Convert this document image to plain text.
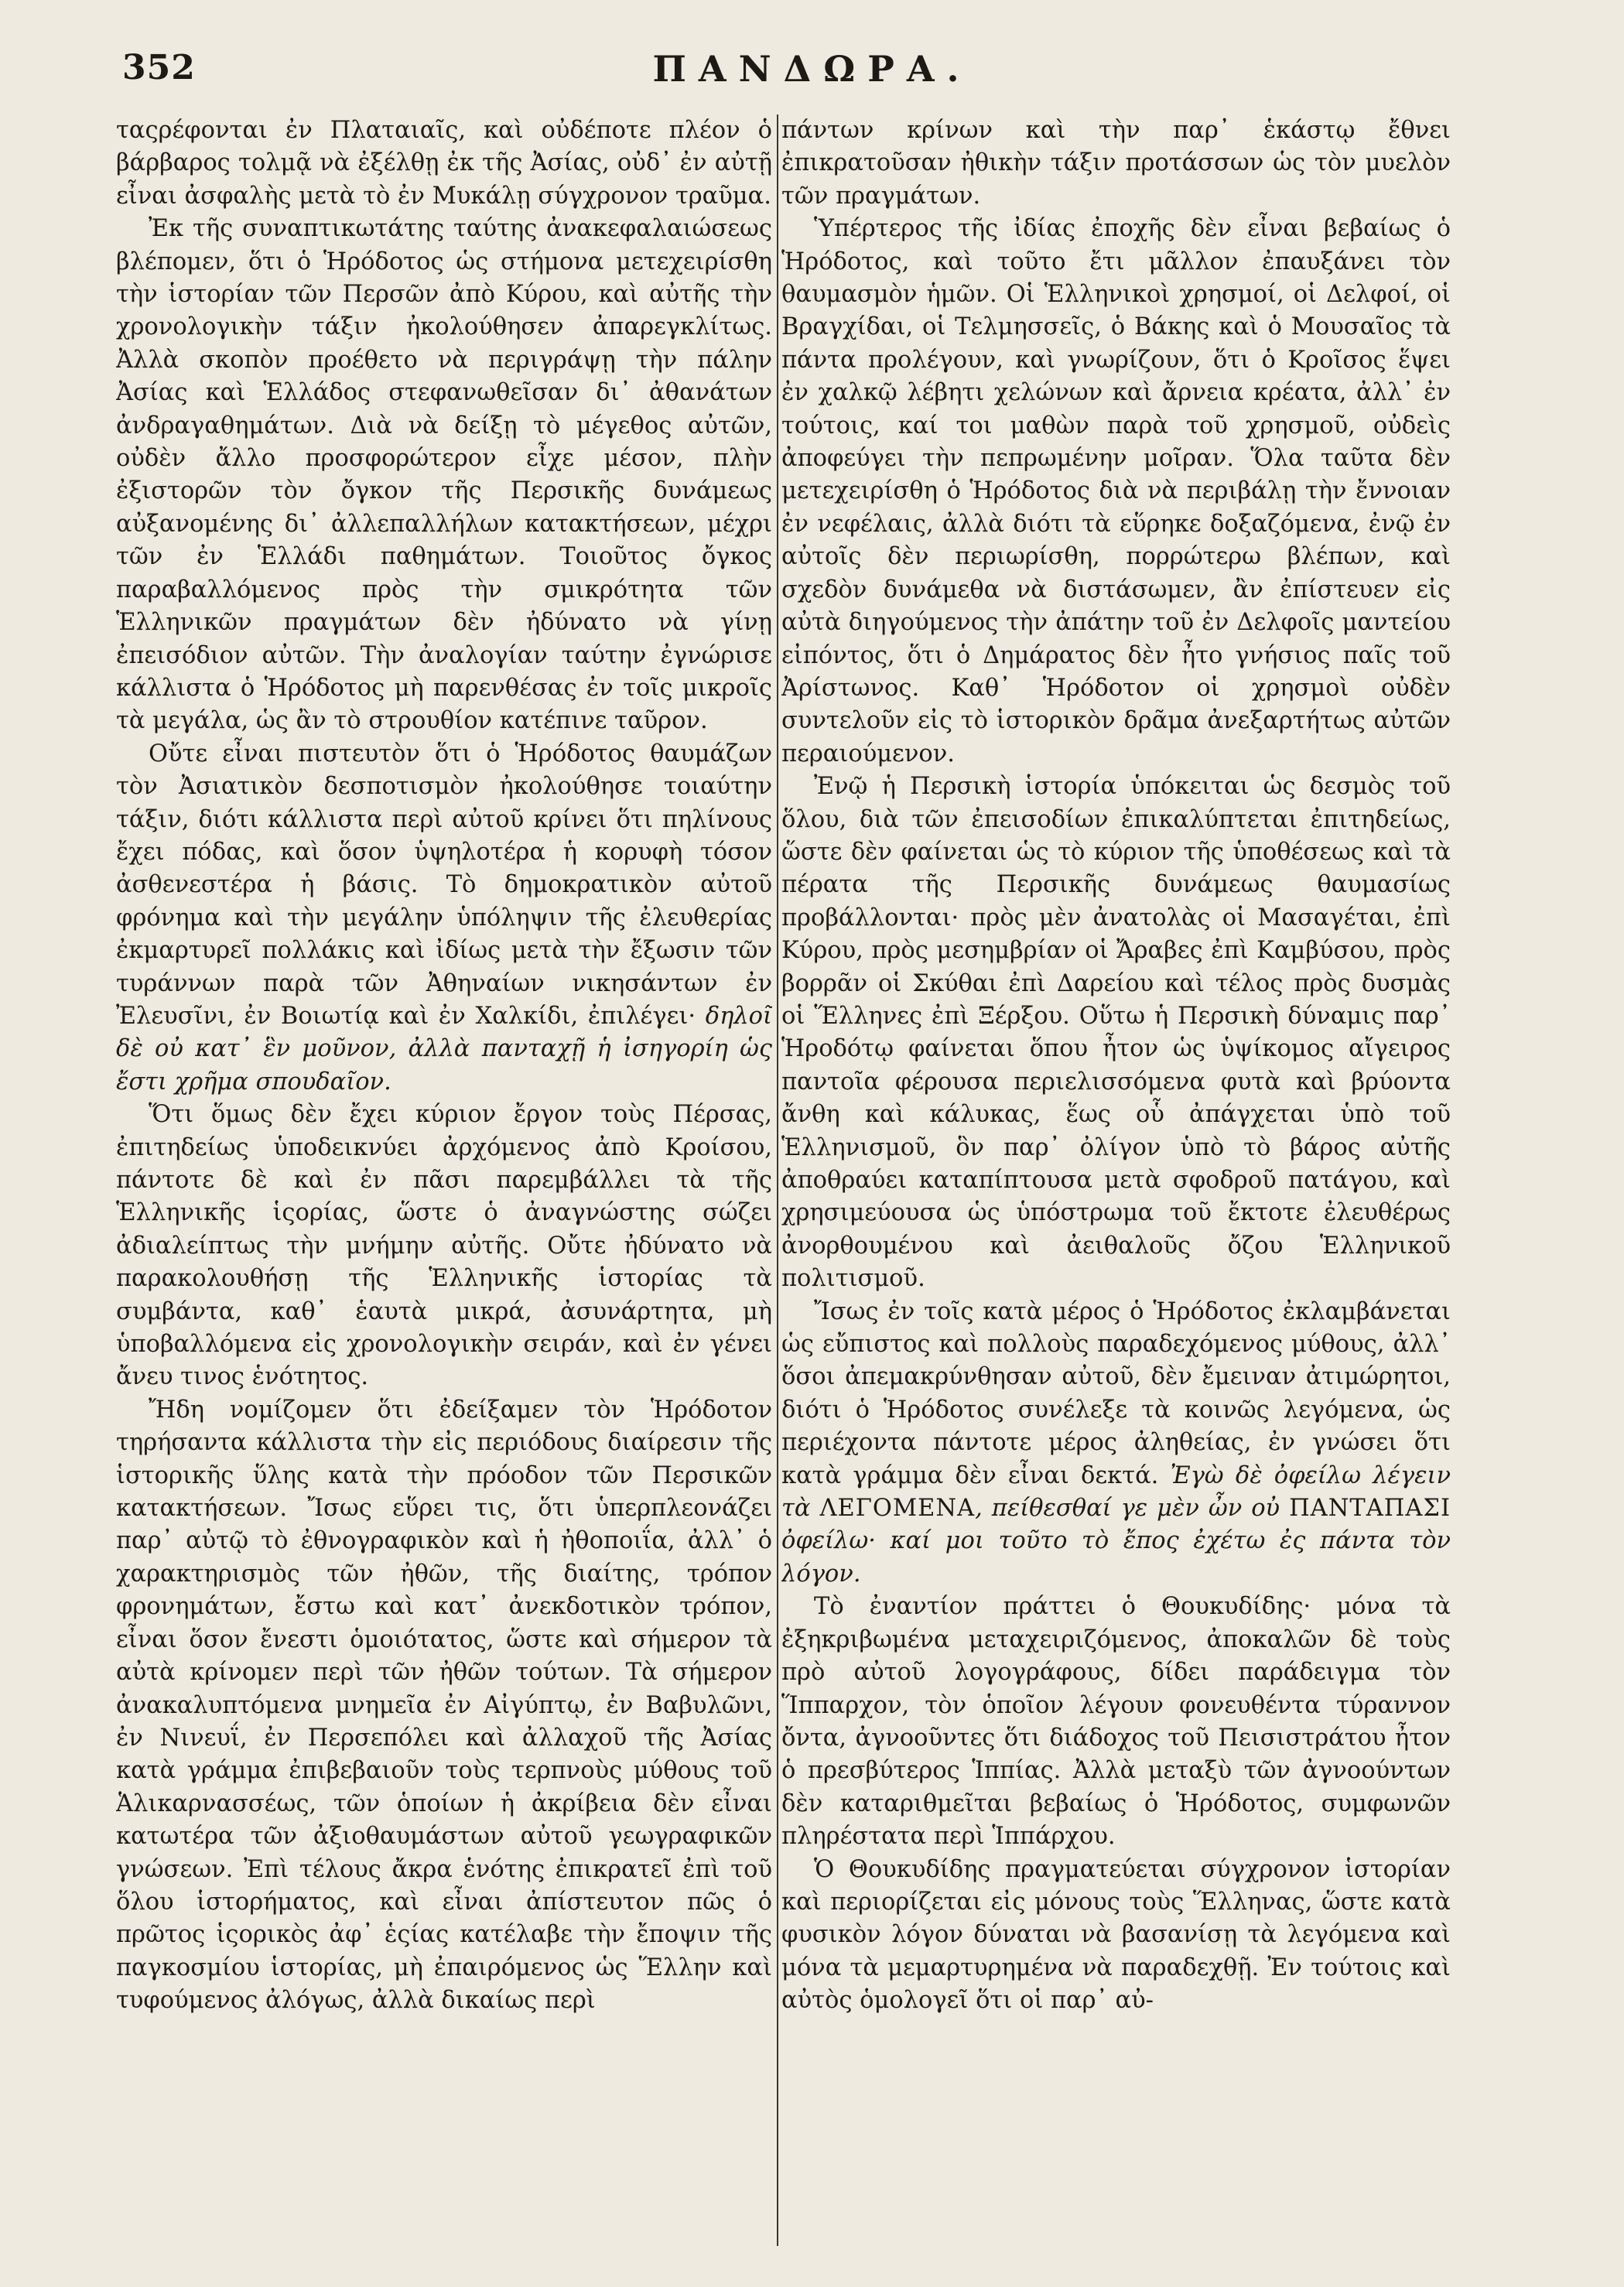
352	ΠΑΝΔΩΡΑ.

ταςρέφονται ἐν Πλαταιαῖς, καὶ οὐδέποτε πλέον ὁ βάρβαρος τολμᾷ νὰ ἐξέλθῃ ἐκ τῆς Ἀσίας, οὐδ᾽ ἐν αὐτῇ εἶναι ἀσφαλὴς μετὰ τὸ ἐν Μυκάλῃ σύγχρονον τραῦμα.

Ἐκ τῆς συναπτικωτάτης ταύτης ἀνακεφαλαιώσεως βλέπομεν, ὅτι ὁ Ἡρόδοτος ὡς στήμονα μετεχειρίσθη τὴν ἱστορίαν τῶν Περσῶν ἀπὸ Κύρου, καὶ αὐτῆς τὴν χρονολογικὴν τάξιν ἠκολούθησεν ἀπαρεγκλίτως. Ἀλλὰ σκοπὸν προέθετο νὰ περιγράψῃ τὴν πάλην Ἀσίας καὶ Ἑλλάδος στεφανωθεῖσαν δι᾽ ἀθανάτων ἀνδραγαθημάτων. Διὰ νὰ δείξῃ τὸ μέγεθος αὐτῶν, οὐδὲν ἄλλο προσφορώτερον εἶχε μέσον, πλὴν ἐξιστορῶν τὸν ὄγκον τῆς Περσικῆς δυνάμεως αὐξανομένης δι᾽ ἀλλεπαλλήλων κατακτήσεων, μέχρι τῶν ἐν Ἑλλάδι παθημάτων. Τοιοῦτος ὄγκος παραβαλλόμενος πρὸς τὴν σμικρότητα τῶν Ἑλληνικῶν πραγμάτων δὲν ἠδύνατο νὰ γίνῃ ἐπεισόδιον αὐτῶν. Τὴν ἀναλογίαν ταύτην ἐγνώρισε κάλλιστα ὁ Ἡρόδοτος μὴ παρενθέσας ἐν τοῖς μικροῖς τὰ μεγάλα, ὡς ἂν τὸ στρουθίον κατέπινε ταῦρον.

Οὔτε εἶναι πιστευτὸν ὅτι ὁ Ἡρόδοτος θαυμάζων τὸν Ἀσιατικὸν δεσποτισμὸν ἠκολούθησε τοιαύτην τάξιν, διότι κάλλιστα περὶ αὐτοῦ κρίνει ὅτι πηλίνους ἔχει πόδας, καὶ ὅσον ὑψηλοτέρα ἡ κορυφὴ τόσον ἀσθενεστέρα ἡ βάσις. Τὸ δημοκρατικὸν αὐτοῦ φρόνημα καὶ τὴν μεγάλην ὑπόληψιν τῆς ἐλευθερίας ἐκμαρτυρεῖ πολλάκις καὶ ἰδίως μετὰ τὴν ἔξωσιν τῶν τυράννων παρὰ τῶν Ἀθηναίων νικησάντων ἐν Ἐλευσῖνι, ἐν Βοιωτίᾳ καὶ ἐν Χαλκίδι, ἐπιλέγει· δηλοῖ δὲ οὐ κατ᾽ ἓν μοῦνον, ἀλλὰ πανταχῇ ἡ ἰσηγορίη ὡς ἔστι χρῆμα σπουδαῖον.

Ὅτι ὅμως δὲν ἔχει κύριον ἔργον τοὺς Πέρσας, ἐπιτηδείως ὑποδεικνύει ἀρχόμενος ἀπὸ Κροίσου, πάντοτε δὲ καὶ ἐν πᾶσι παρεμβάλλει τὰ τῆς Ἑλληνικῆς ἱςορίας, ὥστε ὁ ἀναγνώστης σώζει ἀδιαλείπτως τὴν μνήμην αὐτῆς. Οὔτε ἠδύνατο νὰ παρακολουθήσῃ τῆς Ἑλληνικῆς ἱστορίας τὰ συμβάντα, καθ᾽ ἑαυτὰ μικρά, ἀσυνάρτητα, μὴ ὑποβαλλόμενα εἰς χρονολογικὴν σειράν, καὶ ἐν γένει ἄνευ τινος ἑνότητος.

Ἤδη νομίζομεν ὅτι ἐδείξαμεν τὸν Ἡρόδοτον τηρήσαντα κάλλιστα τὴν εἰς περιόδους διαίρεσιν τῆς ἱστορικῆς ὕλης κατὰ τὴν πρόοδον τῶν Περσικῶν κατακτήσεων. Ἴσως εὕρει τις, ὅτι ὑπερπλεονάζει παρ᾽ αὐτῷ τὸ ἐθνογραφικὸν καὶ ἡ ἠθοποιΐα, ἀλλ᾽ ὁ χαρακτηρισμὸς τῶν ἠθῶν, τῆς διαίτης, τρόπον φρονημάτων, ἔστω καὶ κατ᾽ ἀνεκδοτικὸν τρόπον, εἶναι ὅσον ἔνεστι ὁμοιότατος, ὥστε καὶ σήμερον τὰ αὐτὰ κρίνομεν περὶ τῶν ἠθῶν τούτων. Τὰ σήμερον ἀνακαλυπτόμενα μνημεῖα ἐν Αἰγύπτῳ, ἐν Βαβυλῶνι, ἐν Νινευΐ, ἐν Περσεπόλει καὶ ἀλλαχοῦ τῆς Ἀσίας κατὰ γράμμα ἐπιβεβαιοῦν τοὺς τερπνοὺς μύθους τοῦ Ἁλικαρνασσέως, τῶν ὁποίων ἡ ἀκρίβεια δὲν εἶναι κατωτέρα τῶν ἀξιοθαυμάστων αὐτοῦ γεωγραφικῶν γνώσεων. Ἐπὶ τέλους ἄκρα ἑνότης ἐπικρατεῖ ἐπὶ τοῦ ὅλου ἱστορήματος, καὶ εἶναι ἀπίστευτον πῶς ὁ πρῶτος ἱςορικὸς ἀφ᾽ ἑςίας κατέλαβε τὴν ἔποψιν τῆς παγκοσμίου ἱστορίας, μὴ ἐπαιρόμενος ὡς Ἕλλην καὶ τυφούμενος ἀλόγως, ἀλλὰ δικαίως περὶ

πάντων κρίνων καὶ τὴν παρ᾽ ἑκάστῳ ἔθνει ἐπικρατοῦσαν ἠθικὴν τάξιν προτάσσων ὡς τὸν μυελὸν τῶν πραγμάτων.

Ὑπέρτερος τῆς ἰδίας ἐποχῆς δὲν εἶναι βεβαίως ὁ Ἡρόδοτος, καὶ τοῦτο ἔτι μᾶλλον ἐπαυξάνει τὸν θαυμασμὸν ἡμῶν. Οἱ Ἑλληνικοὶ χρησμοί, οἱ Δελφοί, οἱ Βραγχίδαι, οἱ Τελμησσεῖς, ὁ Βάκης καὶ ὁ Μουσαῖος τὰ πάντα προλέγουν, καὶ γνωρίζουν, ὅτι ὁ Κροῖσος ἕψει ἐν χαλκῷ λέβητι χελώνων καὶ ἄρνεια κρέατα, ἀλλ᾽ ἐν τούτοις, καί τοι μαθὼν παρὰ τοῦ χρησμοῦ, οὐδεὶς ἀποφεύγει τὴν πεπρωμένην μοῖραν. Ὅλα ταῦτα δὲν μετεχειρίσθη ὁ Ἡρόδοτος διὰ νὰ περιβάλῃ τὴν ἔννοιαν ἐν νεφέλαις, ἀλλὰ διότι τὰ εὕρηκε δοξαζόμενα, ἐνῷ ἐν αὐτοῖς δὲν περιωρίσθη, πορρώτερω βλέπων, καὶ σχεδὸν δυνάμεθα νὰ διστάσωμεν, ἂν ἐπίστευεν εἰς αὐτὰ διηγούμενος τὴν ἀπάτην τοῦ ἐν Δελφοῖς μαντείου εἰπόντος, ὅτι ὁ Δημάρατος δὲν ἦτο γνήσιος παῖς τοῦ Ἀρίστωνος. Καθ᾽ Ἡρόδοτον οἱ χρησμοὶ οὐδὲν συντελοῦν εἰς τὸ ἱστορικὸν δρᾶμα ἀνεξαρτήτως αὐτῶν περαιούμενον.

Ἐνῷ ἡ Περσικὴ ἱστορία ὑπόκειται ὡς δεσμὸς τοῦ ὅλου, διὰ τῶν ἐπεισοδίων ἐπικαλύπτεται ἐπιτηδείως, ὥστε δὲν φαίνεται ὡς τὸ κύριον τῆς ὑποθέσεως καὶ τὰ πέρατα τῆς Περσικῆς δυνάμεως θαυμασίως προβάλλονται· πρὸς μὲν ἀνατολὰς οἱ Μασαγέται, ἐπὶ Κύρου, πρὸς μεσημβρίαν οἱ Ἄραβες ἐπὶ Καμβύσου, πρὸς βορρᾶν οἱ Σκύθαι ἐπὶ Δαρείου καὶ τέλος πρὸς δυσμὰς οἱ Ἕλληνες ἐπὶ Ξέρξου. Οὕτω ἡ Περσικὴ δύναμις παρ᾽ Ἡροδότῳ φαίνεται ὅπου ἦτον ὡς ὑψίκομος αἴγειρος παντοῖα φέρουσα περιελισσόμενα φυτὰ καὶ βρύοντα ἄνθη καὶ κάλυκας, ἕως οὗ ἀπάγχεται ὑπὸ τοῦ Ἑλληνισμοῦ, ὃν παρ᾽ ὀλίγον ὑπὸ τὸ βάρος αὐτῆς ἀποθραύει καταπίπτουσα μετὰ σφοδροῦ πατάγου, καὶ χρησιμεύουσα ὡς ὑπόστρωμα τοῦ ἔκτοτε ἐλευθέρως ἀνορθουμένου καὶ ἀειθαλοῦς ὄζου Ἑλληνικοῦ πολιτισμοῦ.

Ἴσως ἐν τοῖς κατὰ μέρος ὁ Ἡρόδοτος ἐκλαμβάνεται ὡς εὔπιστος καὶ πολλοὺς παραδεχόμενος μύθους, ἀλλ᾽ ὅσοι ἀπεμακρύνθησαν αὐτοῦ, δὲν ἔμειναν ἀτιμώρητοι, διότι ὁ Ἡρόδοτος συνέλεξε τὰ κοινῶς λεγόμενα, ὡς περιέχοντα πάντοτε μέρος ἀληθείας, ἐν γνώσει ὅτι κατὰ γράμμα δὲν εἶναι δεκτά. Ἐγὼ δὲ ὀφείλω λέγειν τὰ ΛΕΓΟΜΕΝΑ, πείθεσθαί γε μὲν ὦν οὐ ΠΑΝΤΑΠΑΣΙ ὀφείλω· καί μοι τοῦτο τὸ ἔπος ἐχέτω ἐς πάντα τὸν λόγον.

Τὸ ἐναντίον πράττει ὁ Θουκυδίδης· μόνα τὰ ἐξηκριβωμένα μεταχειριζόμενος, ἀποκαλῶν δὲ τοὺς πρὸ αὐτοῦ λογογράφους, δίδει παράδειγμα τὸν Ἵππαρχον, τὸν ὁποῖον λέγουν φονευθέντα τύραννον ὄντα, ἀγνοοῦντες ὅτι διάδοχος τοῦ Πεισιστράτου ἦτον ὁ πρεσβύτερος Ἱππίας. Ἀλλὰ μεταξὺ τῶν ἀγνοούντων δὲν καταριθμεῖται βεβαίως ὁ Ἡρόδοτος, συμφωνῶν πληρέστατα περὶ Ἱππάρχου.

Ὁ Θουκυδίδης πραγματεύεται σύγχρονον ἱστορίαν καὶ περιορίζεται εἰς μόνους τοὺς Ἕλληνας, ὥστε κατὰ φυσικὸν λόγον δύναται νὰ βασανίσῃ τὰ λεγόμενα καὶ μόνα τὰ μεμαρτυρημένα νὰ παραδεχθῇ. Ἐν τούτοις καὶ αὐτὸς ὁμολογεῖ ὅτι οἱ παρ᾽ αὐ-
